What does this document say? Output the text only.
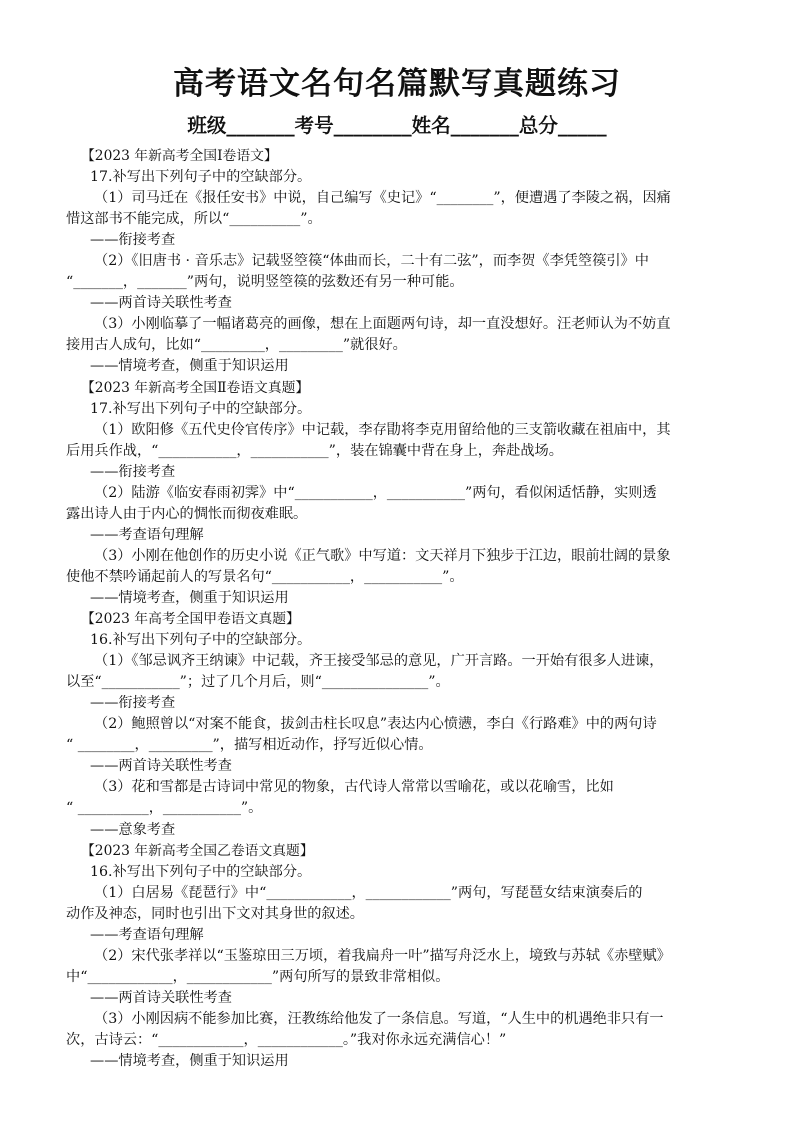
高考语文名句名篇默写真题练习
班级_______考号________姓名_______总分_____
【2023 年新高考全国Ⅰ卷语文】
17.补写出下列句子中的空缺部分。
（1）司马迁在《报任安书》中说，自己编写《史记》“________”，便遭遇了李陵之祸，因痛
惜这部书不能完成，所以“__________”。
——衔接考查
（2）《旧唐书 · 音乐志》记载竖箜篌“体曲而长，二十有二弦”，而李贺《李凭箜篌引》中
“_______，_______”两句，说明竖箜篌的弦数还有另一种可能。
——两首诗关联性考查
（3）小刚临摹了一幅诸葛亮的画像，想在上面题两句诗，却一直没想好。汪老师认为不妨直
接用古人成句，比如“_________，_________”就很好。
——情境考查，侧重于知识运用
【2023 年新高考全国Ⅱ卷语文真题】
17.补写出下列句子中的空缺部分。
（1）欧阳修《五代史伶官传序》中记载，李存勖将李克用留给他的三支箭收藏在祖庙中，其
后用兵作战，“___________，___________”，装在锦囊中背在身上，奔赴战场。
——衔接考查
（2）陆游《临安春雨初霁》中“___________，___________”两句，看似闲适恬静，实则透
露出诗人由于内心的惆怅而彻夜难眠。
——考查语句理解
（3）小刚在他创作的历史小说《正气歌》中写道：文天祥月下独步于江边，眼前壮阔的景象
使他不禁吟诵起前人的写景名句“___________，___________”。
——情境考查，侧重于知识运用
【2023 年高考全国甲卷语文真题】
16.补写出下列句子中的空缺部分。
（1）《邹忌讽齐王纳谏》中记载，齐王接受邹忌的意见，广开言路。一开始有很多人进谏，
以至“___________”；过了几个月后，则“_______________”。
——衔接考查
（2）鲍照曾以“对案不能食，拔剑击柱长叹息”表达内心愤懑，李白《行路难》中的两句诗
“ ________，_________”，描写相近动作，抒写近似心情。
——两首诗关联性考查
（3）花和雪都是古诗词中常见的物象，古代诗人常常以雪喻花，或以花喻雪，比如
“ __________，___________”。
——意象考查
【2023 年新高考全国乙卷语文真题】
16.补写出下列句子中的空缺部分。
（1）白居易《琵琶行》中“____________，____________”两句，写琵琶女结束演奏后的
动作及神态，同时也引出下文对其身世的叙述。
——考查语句理解
（2）宋代张孝祥以“玉鉴琼田三万顷，着我扁舟一叶”描写舟泛水上，境致与苏轼《赤壁赋》
中“____________，____________”两句所写的景致非常相似。
——两首诗关联性考查
（3）小刚因病不能参加比赛，汪教练给他发了一条信息。写道，“人生中的机遇绝非只有一
次，古诗云：“____________，____________。”我对你永远充满信心！”
——情境考查，侧重于知识运用
